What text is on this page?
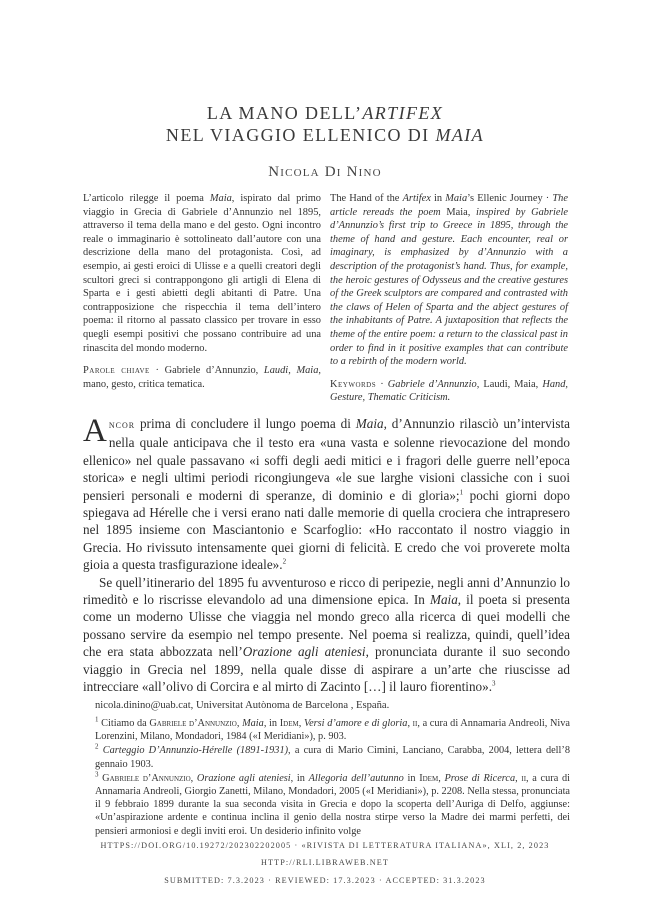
LA MANO DELL’ARTIFEX
NEL VIAGGIO ELLENICO DI MAIA
Nicola Di Nino
L’articolo rilegge il poema Maia, ispirato dal primo viaggio in Grecia di Gabriele d’Annunzio nel 1895, attraverso il tema della mano e del gesto. Ogni incontro reale o immaginario è sottolineato dall’autore con una descrizione della mano del protagonista. Così, ad esempio, ai gesti eroici di Ulisse e a quelli creatori degli scultori greci si contrappongono gli artigli di Elena di Sparta e i gesti abietti degli abitanti di Patre. Una contrapposizione che rispecchia il tema dell’intero poema: il ritorno al passato classico per trovare in esso quegli esempi positivi che possano contribuire ad una rinascita del mondo moderno.
Parole chiave · Gabriele d’Annunzio, Laudi, Maia, mano, gesto, critica tematica.
The Hand of the Artifex in Maia’s Ellenic Journey · The article rereads the poem Maia, inspired by Gabriele d’Annunzio’s first trip to Greece in 1895, through the theme of hand and gesture. Each encounter, real or imaginary, is emphasized by d’Annunzio with a description of the protagonist’s hand. Thus, for example, the heroic gestures of Odysseus and the creative gestures of the Greek sculptors are compared and contrasted with the claws of Helen of Sparta and the abject gestures of the inhabitants of Patre. A juxtaposition that reflects the theme of the entire poem: a return to the classical past in order to find in it positive examples that can contribute to a rebirth of the modern world.
Keywords · Gabriele d’Annunzio, Laudi, Maia, Hand, Gesture, Thematic Criticism.

Ancor prima di concludere il lungo poema di Maia, d’Annunzio rilasciò un’intervista nella quale anticipava che il testo era «una vasta e solenne rievocazione del mondo ellenico» nel quale passavano «i soffi degli aedi mitici e i fragori delle guerre nell’epoca storica» e negli ultimi periodi ricongiungeva «le sue larghe visioni classiche con i suoi pensieri personali e moderni di speranze, di dominio e di gloria»;$^1$ pochi giorni dopo spiegava ad Hérelle che i versi erano nati dalle memorie di quella crociera che intrapresero nel 1895 insieme con Masciantonio e Scarfoglio: «Ho raccontato il nostro viaggio in Grecia. Ho rivissuto intensamente quei giorni di felicità. E credo che voi proverete molta gioia a questa trasfigurazione ideale».$^2$

Se quell’itinerario del 1895 fu avventuroso e ricco di peripezie, negli anni d’Annunzio lo rimeditò e lo riscrisse elevandolo ad una dimensione epica. In Maia, il poeta si presenta come un moderno Ulisse che viaggia nel mondo greco alla ricerca di quei modelli che possano servire da esempio nel tempo presente. Nel poema si realizza, quindi, quell’idea che era stata abbozzata nell’Orazione agli ateniesi, pronunciata durante il suo secondo viaggio in Grecia nel 1899, nella quale disse di aspirare a un’arte che riuscisse ad intrecciare «all’olivo di Corcira e al mirto di Zacinto […] il lauro fiorentino».$^3$

nicola.dinino@uab.cat, Universitat Autònoma de Barcelona , España.

$^1$ Citiamo da Gabriele d’Annunzio, Maia, in Idem, Versi d’amore e di gloria, ii, a cura di Annamaria Andreoli, Niva Lorenzini, Milano, Mondadori, 1984 («I Meridiani»), p. 903.

$^2$ Carteggio D’Annunzio-Hérelle (1891-1931), a cura di Mario Cimini, Lanciano, Carabba, 2004, lettera dell’8 gennaio 1903.

$^3$ Gabriele d’Annunzio, Orazione agli ateniesi, in Allegoria dell’autunno in Idem, Prose di Ricerca, ii, a cura di Annamaria Andreoli, Giorgio Zanetti, Milano, Mondadori, 2005 («I Meridiani»), p. 2208. Nella stessa, pronunciata il 9 febbraio 1899 durante la sua seconda visita in Grecia e dopo la scoperta dell’Auriga di Delfo, aggiunse: «Un’aspirazione ardente e continua inclina il genio della nostra stirpe verso la Madre dei marmi perfetti, dei pensieri armoniosi e degli inviti eroi. Un desiderio infinito volge

HTTPS://DOI.ORG/10.19272/202302202005 · «RIVISTA DI LETTERATURA ITALIANA», XLI, 2, 2023
HTTP://RLI.LIBRAWEB.NET
SUBMITTED: 7.3.2023 · REVIEWED: 17.3.2023 · ACCEPTED: 31.3.2023
